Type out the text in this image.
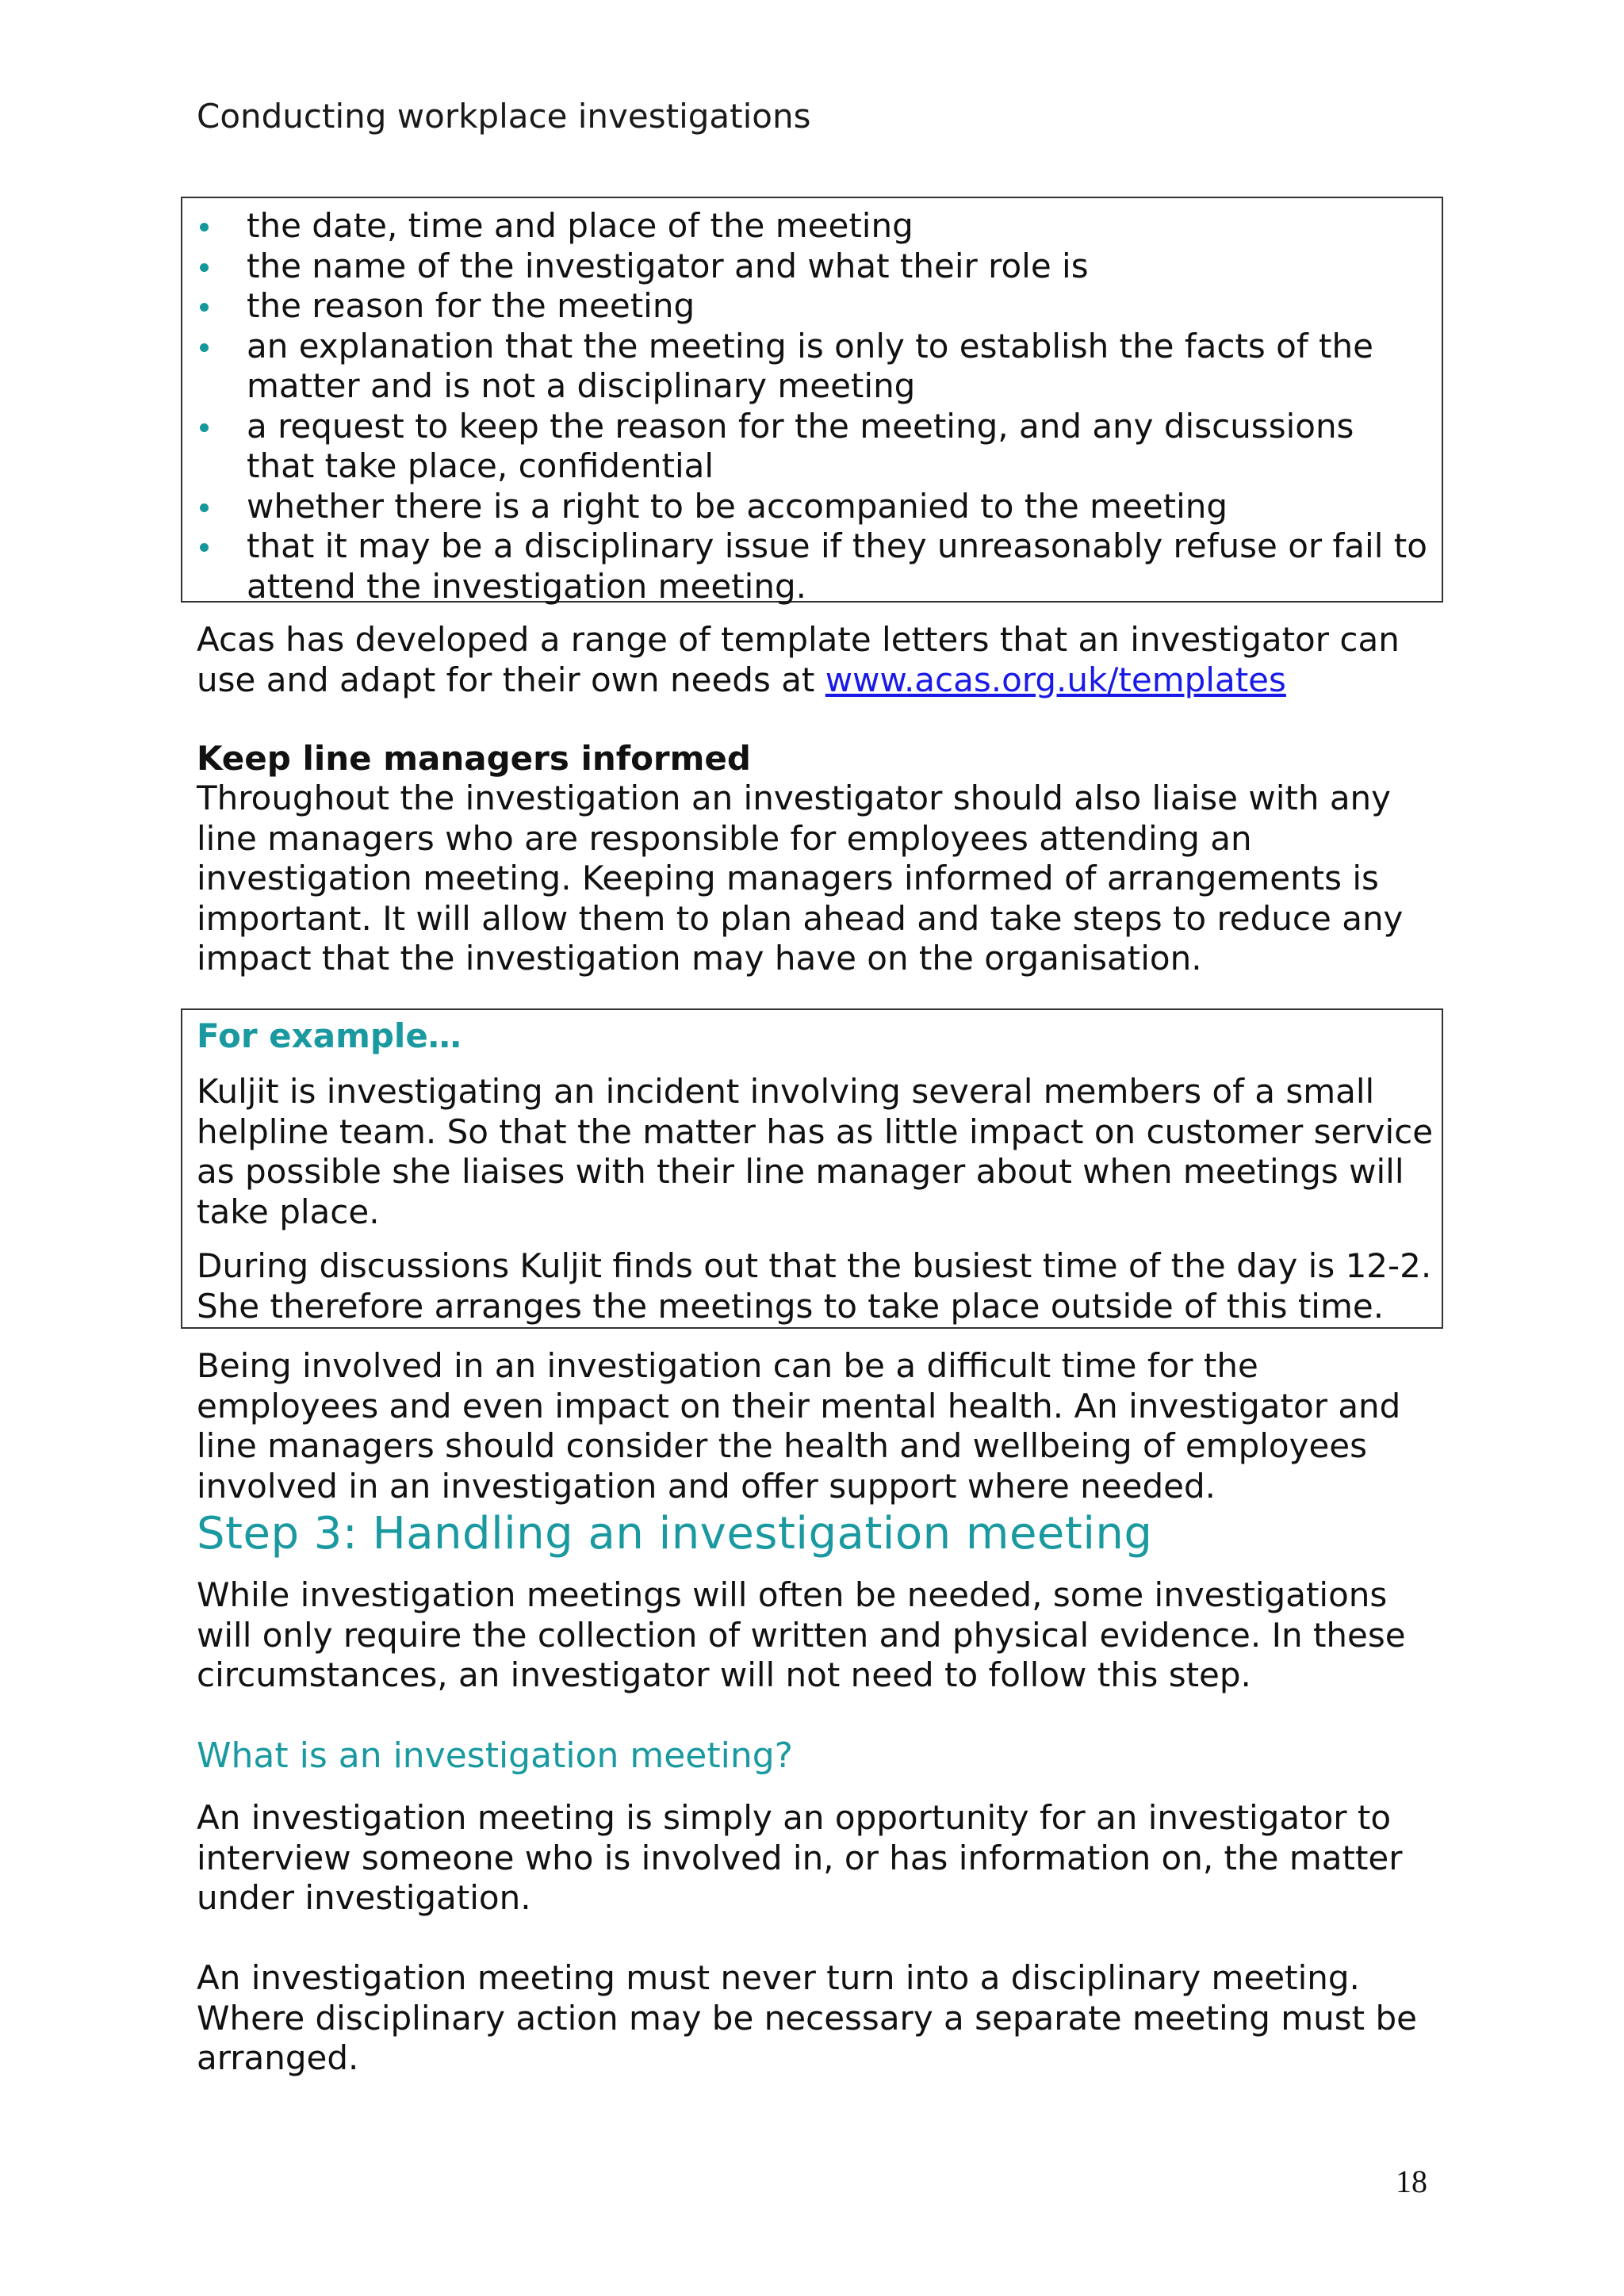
Conducting workplace investigations
the date, time and place of the meeting
the name of the investigator and what their role is
the reason for the meeting
an explanation that the meeting is only to establish the facts of the matter and is not a disciplinary meeting
a request to keep the reason for the meeting, and any discussions that take place, confidential
whether there is a right to be accompanied to the meeting
that it may be a disciplinary issue if they unreasonably refuse or fail to attend the investigation meeting.

Acas has developed a range of template letters that an investigator can use and adapt for their own needs at www.acas.org.uk/templates

Keep line managers informed

Throughout the investigation an investigator should also liaise with any line managers who are responsible for employees attending an investigation meeting. Keeping managers informed of arrangements is important. It will allow them to plan ahead and take steps to reduce any impact that the investigation may have on the organisation.

For example…

Kuljit is investigating an incident involving several members of a small helpline team. So that the matter has as little impact on customer service as possible she liaises with their line manager about when meetings will take place.

During discussions Kuljit finds out that the busiest time of the day is 12-2. She therefore arranges the meetings to take place outside of this time.

Being involved in an investigation can be a difficult time for the employees and even impact on their mental health. An investigator and line managers should consider the health and wellbeing of employees involved in an investigation and offer support where needed.

Step 3: Handling an investigation meeting

While investigation meetings will often be needed, some investigations will only require the collection of written and physical evidence. In these circumstances, an investigator will not need to follow this step.

What is an investigation meeting?

An investigation meeting is simply an opportunity for an investigator to interview someone who is involved in, or has information on, the matter under investigation.

An investigation meeting must never turn into a disciplinary meeting. Where disciplinary action may be necessary a separate meeting must be arranged.

18
